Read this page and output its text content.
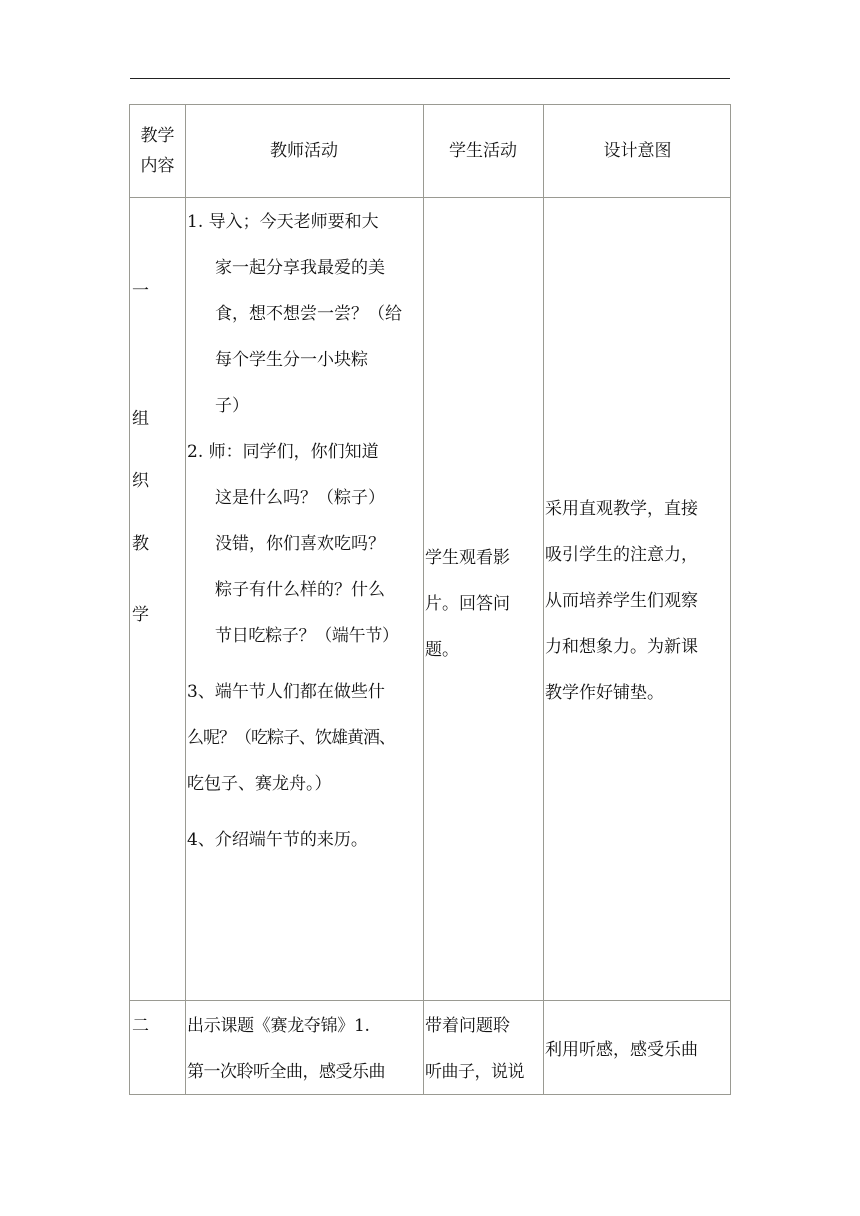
教学
内容
教师活动	学生活动	设计意图
一
组
织
教
学

1. 导入；今天老师要和大

家一起分享我最爱的美

食，想不想尝一尝？（给

每个学生分一小块粽

子）

2. 师：同学们，你们知道

这是什么吗？（粽子）

没错，你们喜欢吃吗？

粽子有什么样的？什么

节日吃粽子？（端午节）

3、端午节人们都在做些什

么呢？（吃粽子、饮雄黄酒、

吃包子、赛龙舟。）

4、介绍端午节的来历。

学生观看影

片。回答问

题。

采用直观教学，直接

吸引学生的注意力，

从而培养学生们观察

力和想象力。为新课

教学作好铺垫。

二 出示课题《赛龙夺锦》1.

第一次聆听全曲，感受乐曲

带着问题聆

听曲子，说说

利用听感，感受乐曲
